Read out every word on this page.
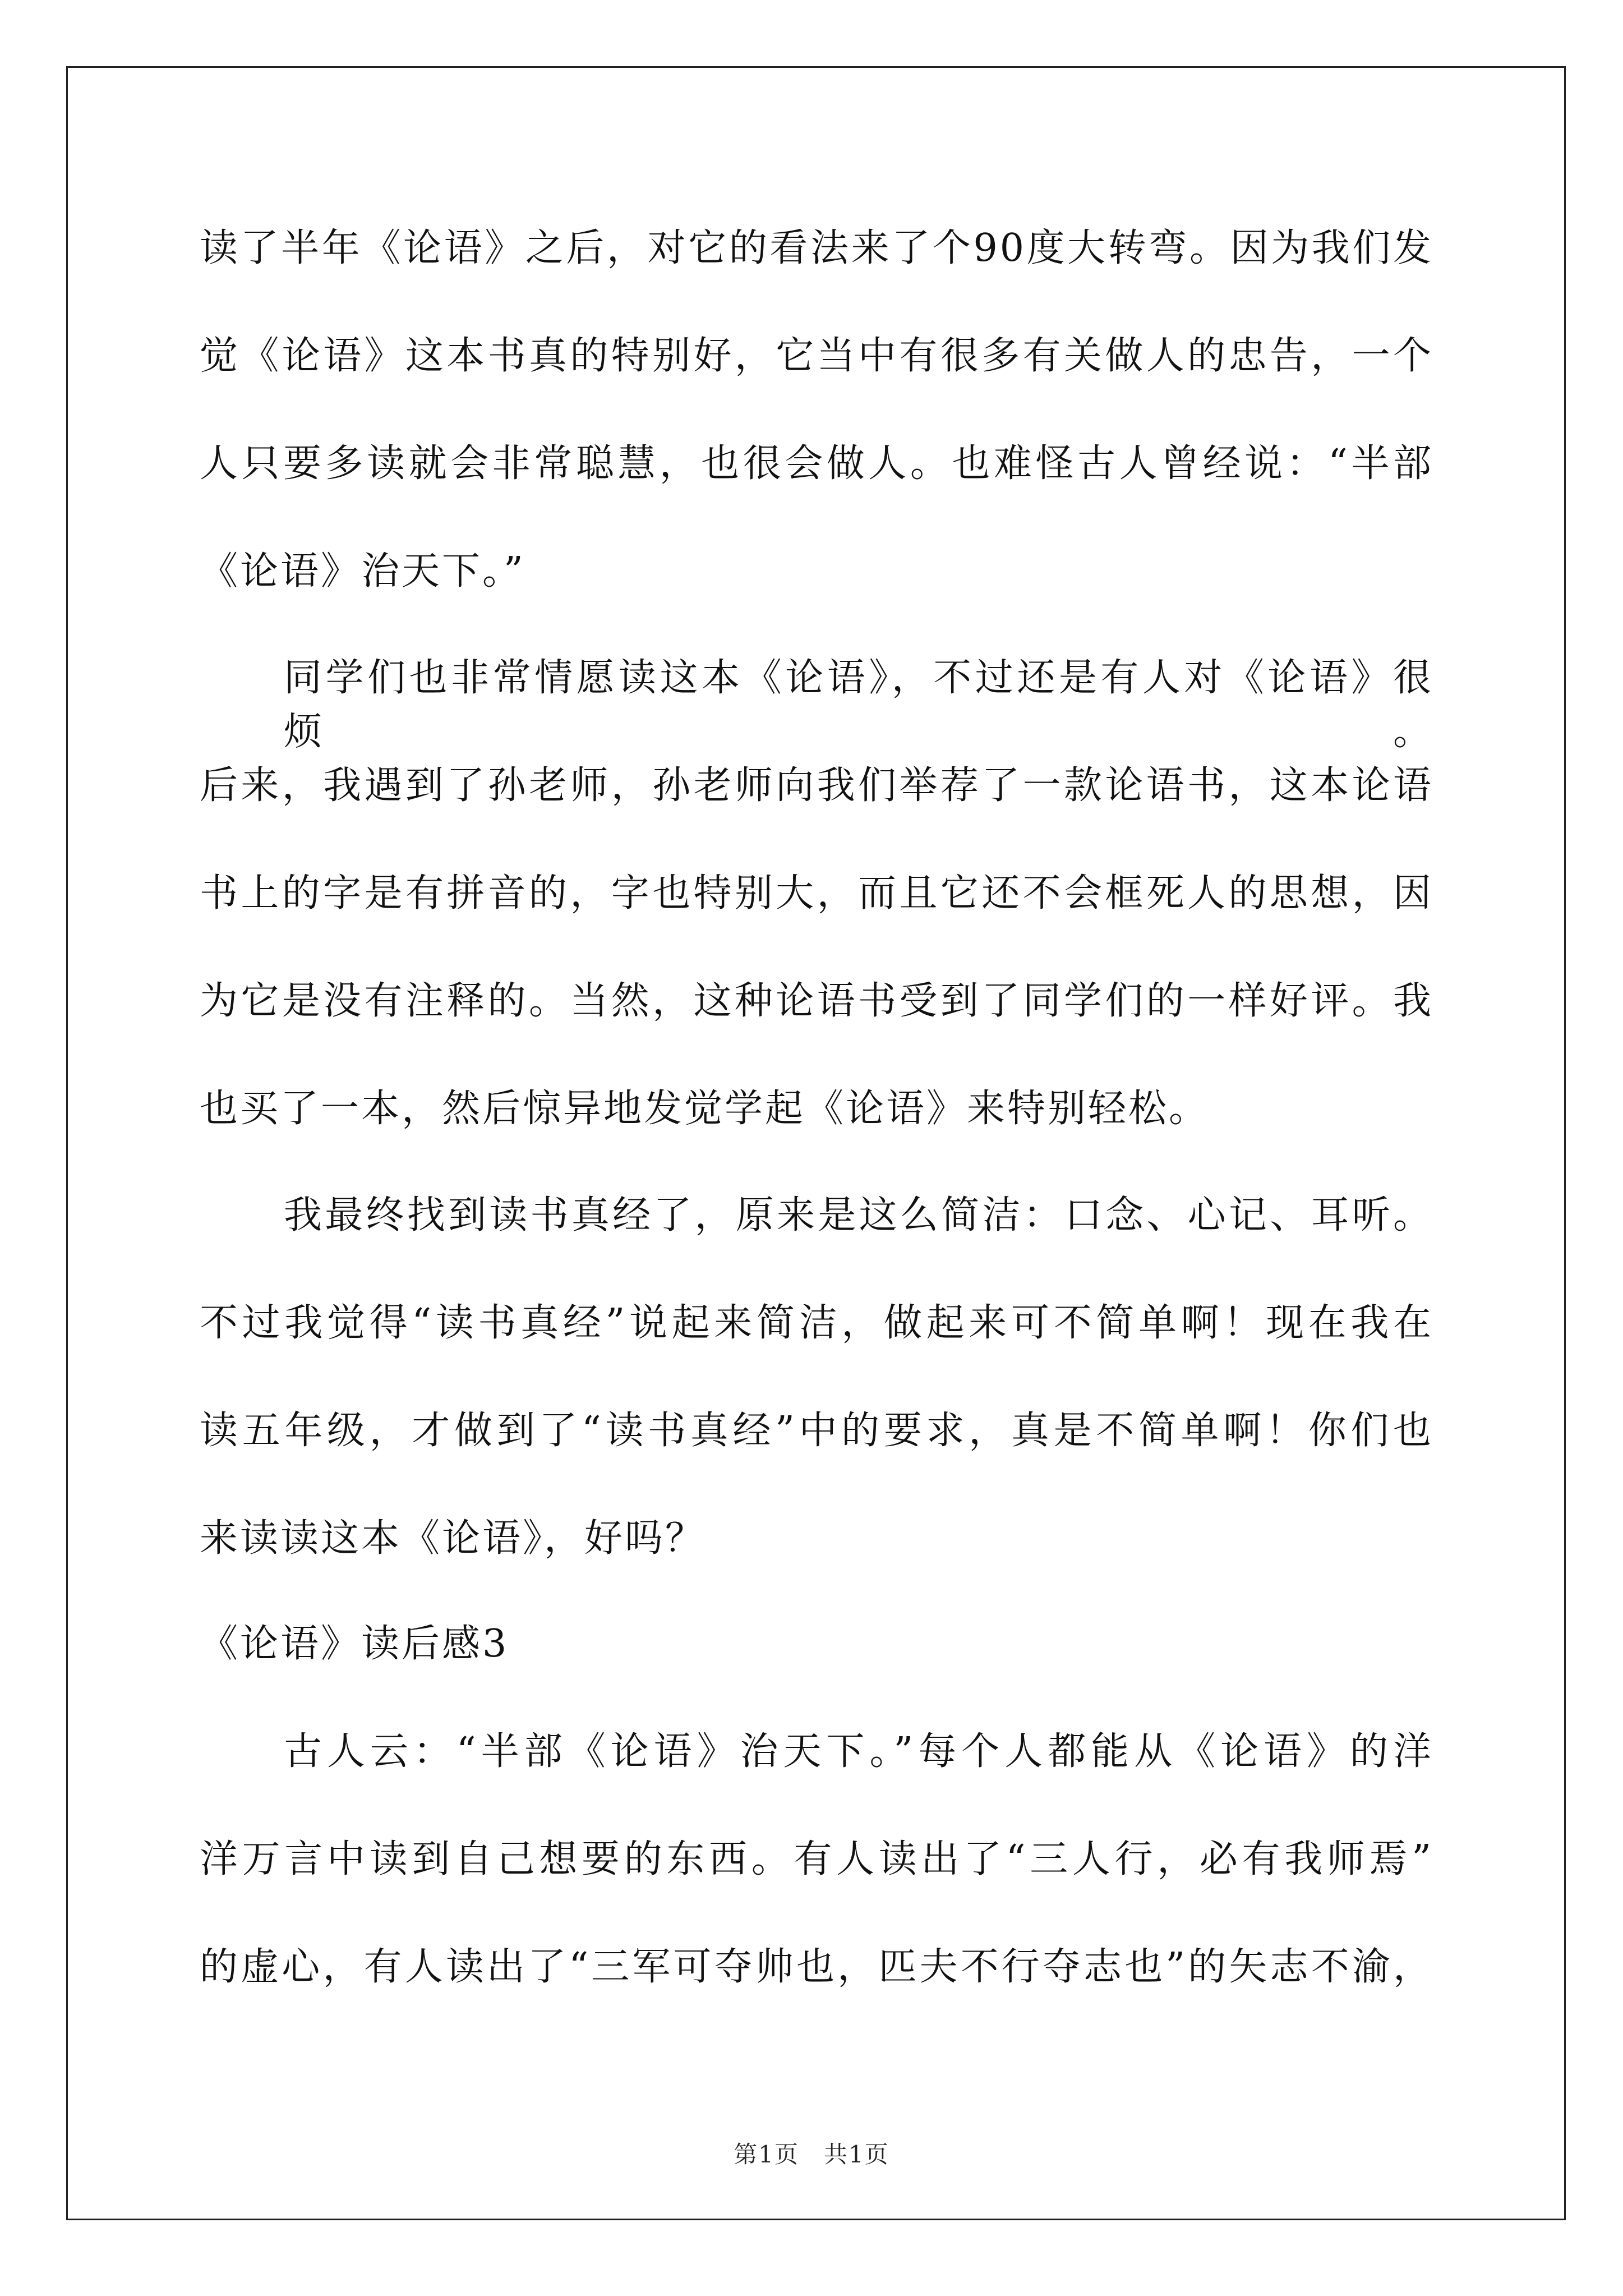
读了半年《论语》之后，对它的看法来了个90度大转弯。因为我们发
觉《论语》这本书真的特别好，它当中有很多有关做人的忠告，一个
人只要多读就会非常聪慧，也很会做人。也难怪古人曾经说：“半部
《论语》治天下。”
同学们也非常情愿读这本《论语》，不过还是有人对《论语》很烦。
后来，我遇到了孙老师，孙老师向我们举荐了一款论语书，这本论语
书上的字是有拼音的，字也特别大，而且它还不会框死人的思想，因
为它是没有注释的。当然，这种论语书受到了同学们的一样好评。我
也买了一本，然后惊异地发觉学起《论语》来特别轻松。
我最终找到读书真经了，原来是这么简洁：口念、心记、耳听。
不过我觉得“读书真经”说起来简洁，做起来可不简单啊！现在我在
读五年级，才做到了“读书真经”中的要求，真是不简单啊！你们也
来读读这本《论语》，好吗？
《论语》读后感3
古人云：“半部《论语》治天下。”每个人都能从《论语》的洋
洋万言中读到自己想要的东西。有人读出了“三人行，必有我师焉”
的虚心，有人读出了“三军可夺帅也，匹夫不行夺志也”的矢志不渝，
第1页　共1页
